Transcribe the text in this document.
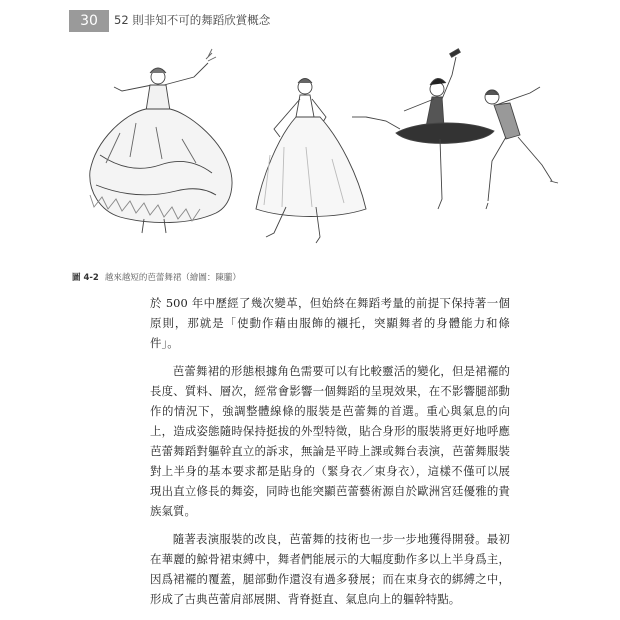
30	52 則非知不可的舞蹈欣賞概念
圖 4-2 越來越短的芭蕾舞裙（繪圖：陳朧）

於 500 年中歷經了幾次變革，但始終在舞蹈考量的前提下保持著一個原則，那就是「使動作藉由服飾的襯托，突顯舞者的身體能力和條件」。

芭蕾舞裙的形態根據角色需要可以有比較靈活的變化，但是裙襬的長度、質料、層次，經常會影響一個舞蹈的呈現效果，在不影響腿部動作的情況下，強調整體線條的服裝是芭蕾舞的首選。重心與氣息的向上，造成姿態隨時保持挺拔的外型特徵，貼合身形的服裝將更好地呼應芭蕾舞蹈對軀幹直立的訴求，無論是平時上課或舞台表演，芭蕾舞服裝對上半身的基本要求都是貼身的（緊身衣／束身衣），這樣不僅可以展現出直立修長的舞姿，同時也能突顯芭蕾藝術源自於歐洲宮廷優雅的貴族氣質。

隨著表演服裝的改良，芭蕾舞的技術也一步一步地獲得開發。最初在華麗的鯨骨裙束縛中，舞者們能展示的大幅度動作多以上半身爲主，因爲裙襬的覆蓋，腿部動作還沒有過多發展；而在束身衣的綁縛之中，形成了古典芭蕾肩部展開、背脊挺直、氣息向上的軀幹特點。
